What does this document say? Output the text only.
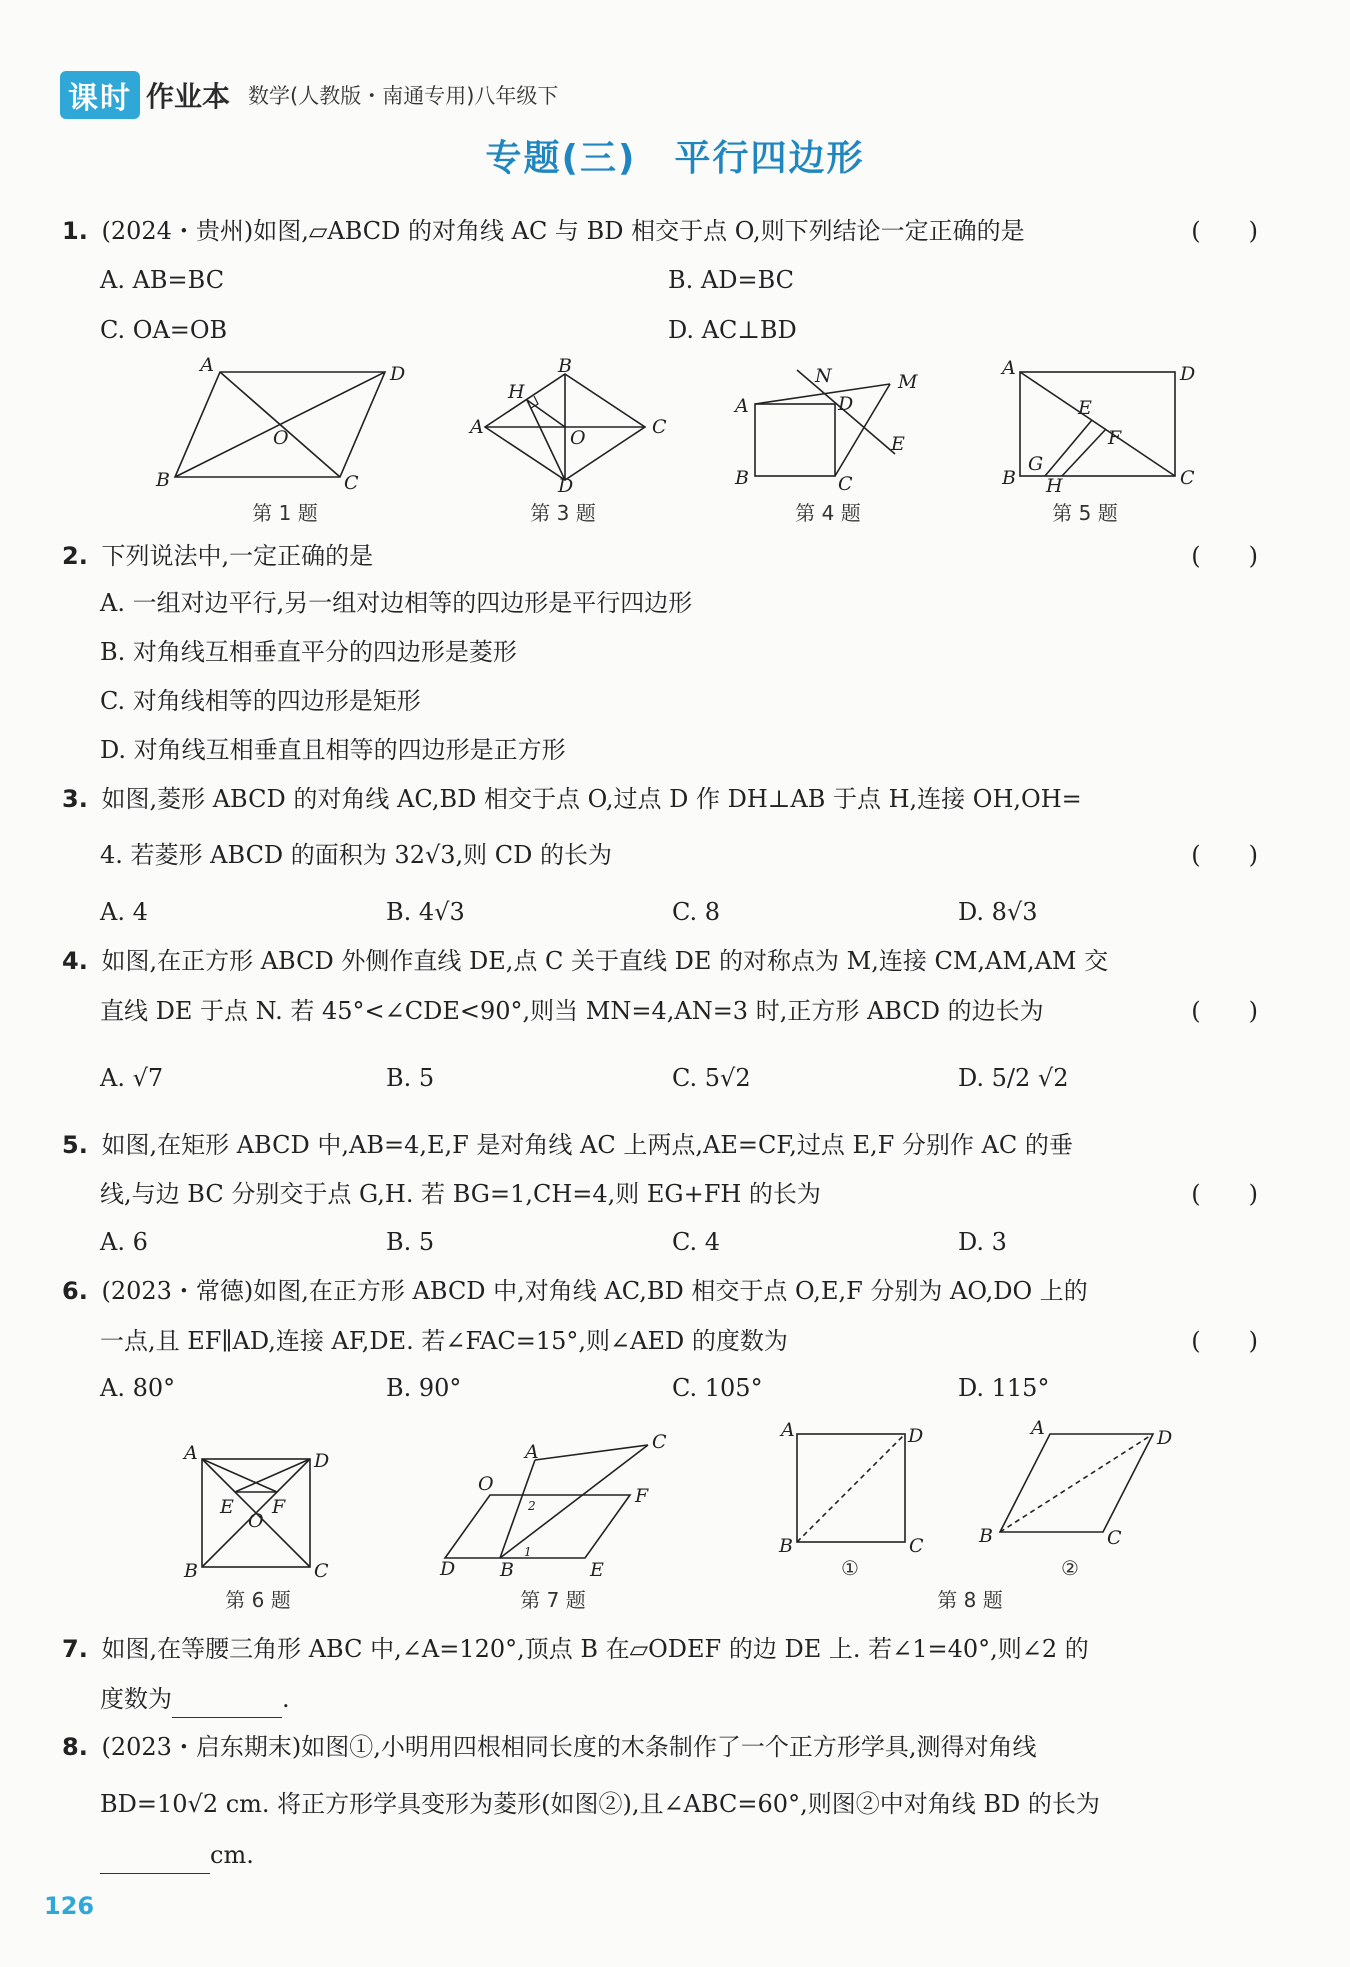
课时 作业本 数学(人教版・南通专用)八年级下
专题(三)　平行四边形
1. (2024・贵州)如图,▱ABCD 的对角线 AC 与 BD 相交于点 O,则下列结论一定正确的是	(　　)
A. AB=BC	B. AD=BC
C. OA=OB	D. AC⊥BD
A	D
B	C
O
第 1 题
B
C
A
D
H
O
第 3 题
A	D
B	C
N	M
E
第 4 题
A	D
B	C
E
F
G
H
第 5 题
2. 下列说法中,一定正确的是	(　　)
A. 一组对边平行,另一组对边相等的四边形是平行四边形
B. 对角线互相垂直平分的四边形是菱形
C. 对角线相等的四边形是矩形
D. 对角线互相垂直且相等的四边形是正方形
3. 如图,菱形 ABCD 的对角线 AC,BD 相交于点 O,过点 D 作 DH⊥AB 于点 H,连接 OH,OH=
4. 若菱形 ABCD 的面积为 32√3,则 CD 的长为	(　　)
A. 4	B. 4√3	C. 8	D. 8√3
4. 如图,在正方形 ABCD 外侧作直线 DE,点 C 关于直线 DE 的对称点为 M,连接 CM,AM,AM 交
直线 DE 于点 N. 若 45°<∠CDE<90°,则当 MN=4,AN=3 时,正方形 ABCD 的边长为	(　　)
A. √7	B. 5	C. 5√2	D. 5/2 √2
5. 如图,在矩形 ABCD 中,AB=4,E,F 是对角线 AC 上两点,AE=CF,过点 E,F 分别作 AC 的垂
线,与边 BC 分别交于点 G,H. 若 BG=1,CH=4,则 EG+FH 的长为	(　　)
A. 6	B. 5	C. 4	D. 3
6. (2023・常德)如图,在正方形 ABCD 中,对角线 AC,BD 相交于点 O,E,F 分别为 AO,DO 上的
一点,且 EF∥AD,连接 AF,DE. 若∠FAC=15°,则∠AED 的度数为	(　　)
A. 80°	B. 90°	C. 105°	D. 115°
A	D
B	C
E F
O
第 6 题
A	C
O
F
D B	E
2
1
第 7 题
A	D
B	C
①
A	D
B	C
②
第 8 题
7. 如图,在等腰三角形 ABC 中,∠A=120°,顶点 B 在▱ODEF 的边 DE 上. 若∠1=40°,则∠2 的
度数为	.
8. (2023・启东期末)如图①,小明用四根相同长度的木条制作了一个正方形学具,测得对角线
BD=10√2 cm. 将正方形学具变形为菱形(如图②),且∠ABC=60°,则图②中对角线 BD 的长为
cm.
126
